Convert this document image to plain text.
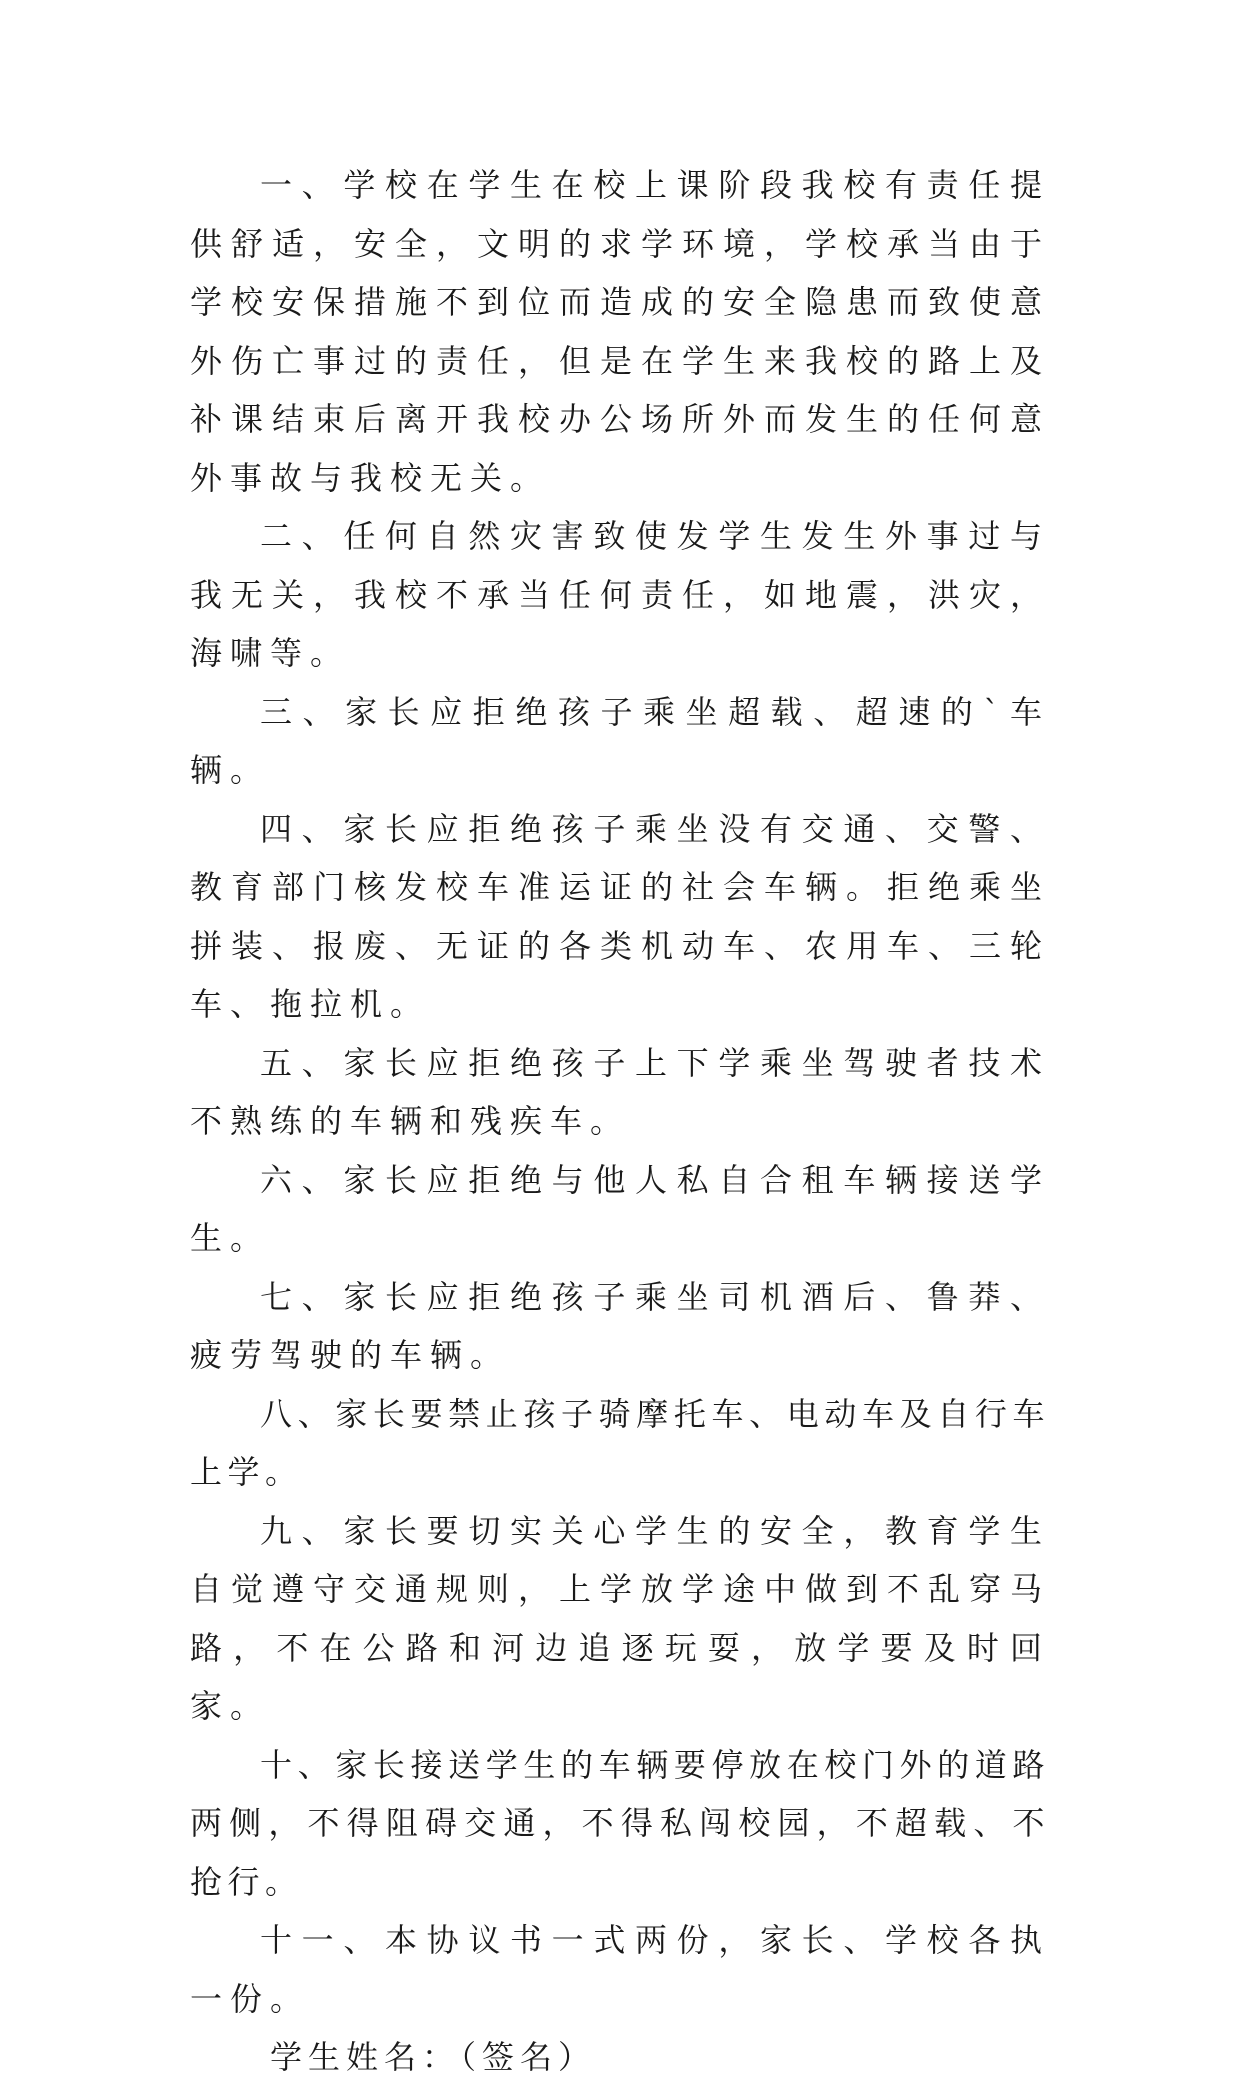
一、学校在学生在校上课阶段我校有责任提供舒适，安全，文明的求学环境，学校承当由于学校安保措施不到位而造成的安全隐患而致使意外伤亡事过的责任，但是在学生来我校的路上及补课结束后离开我校办公场所外而发生的任何意外事故与我校无关。

二、任何自然灾害致使发学生发生外事过与我无关，我校不承当任何责任，如地震，洪灾，海啸等。

三、家长应拒绝孩子乘坐超载、超速的`车辆。

四、家长应拒绝孩子乘坐没有交通、交警、教育部门核发校车准运证的社会车辆。拒绝乘坐拼装、报废、无证的各类机动车、农用车、三轮车、拖拉机。

五、家长应拒绝孩子上下学乘坐驾驶者技术不熟练的车辆和残疾车。

六、家长应拒绝与他人私自合租车辆接送学生。

七、家长应拒绝孩子乘坐司机酒后、鲁莽、疲劳驾驶的车辆。

八、家长要禁止孩子骑摩托车、电动车及自行车上学。

九、家长要切实关心学生的安全，教育学生自觉遵守交通规则，上学放学途中做到不乱穿马路，不在公路和河边追逐玩耍，放学要及时回家。

十、家长接送学生的车辆要停放在校门外的道路两侧，不得阻碍交通，不得私闯校园，不超载、不抢行。

十一、本协议书一式两份，家长、学校各执一份。

学生姓名：（签名）
